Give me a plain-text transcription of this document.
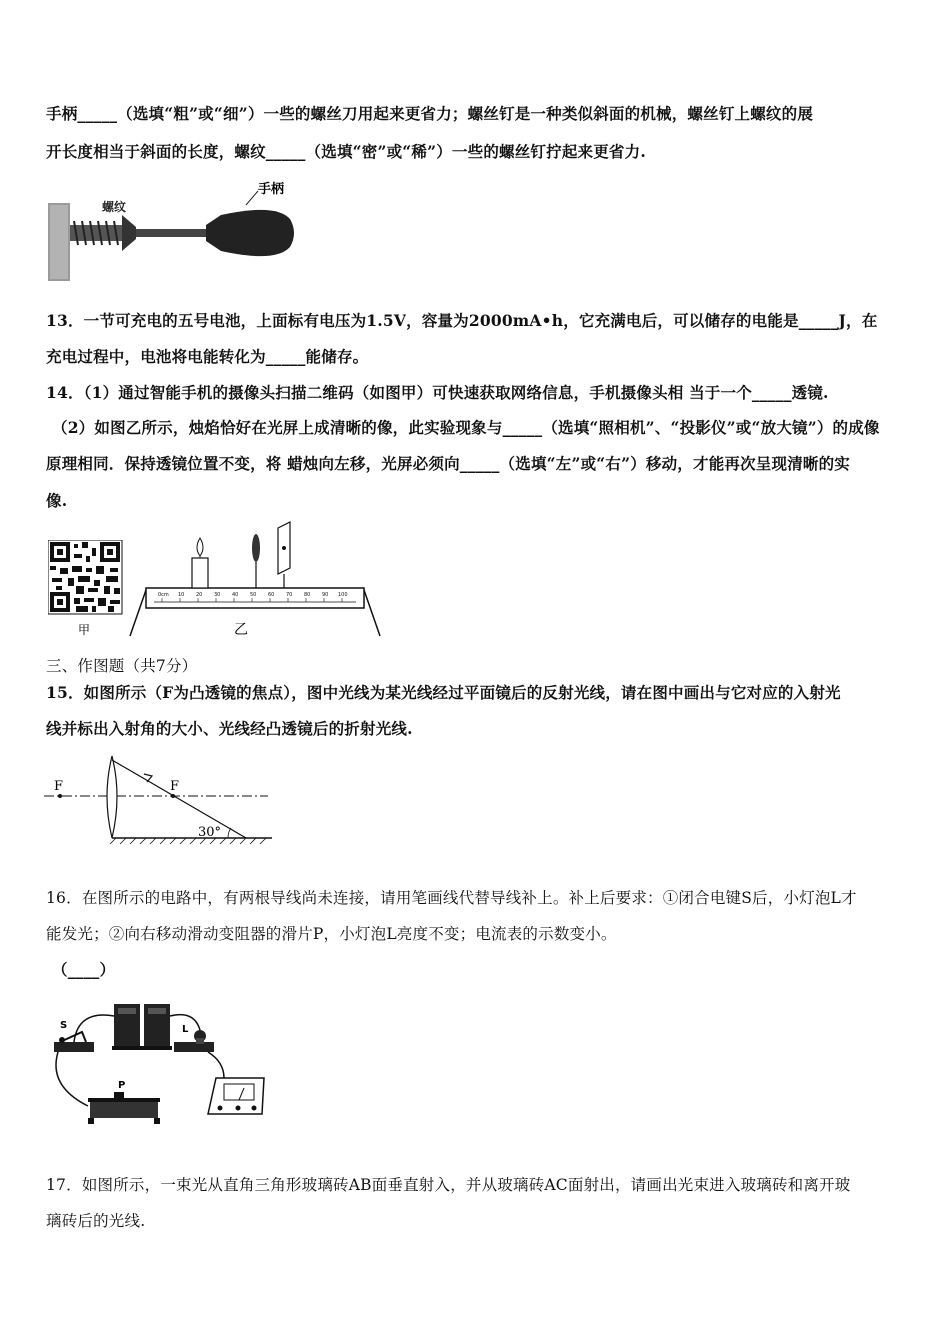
手柄_____（选填“粗”或“细”）一些的螺丝刀用起来更省力；螺丝钉是一种类似斜面的机械，螺丝钉上螺纹的展
开长度相当于斜面的长度，螺纹_____（选填“密”或“稀”）一些的螺丝钉拧起来更省力.
手柄
螺纹
13．一节可充电的五号电池，上面标有电压为1.5V，容量为2000mA•h，它充满电后，可以储存的电能是_____J，在
充电过程中，电池将电能转化为_____能储存。
14．（1）通过智能手机的摄像头扫描二维码（如图甲）可快速获取网络信息，手机摄像头相 当于一个_____透镜.
（2）如图乙所示，烛焰恰好在光屏上成清晰的像，此实验现象与_____（选填“照相机”、“投影仪”或“放大镜”）的成像
原理相同．保持透镜位置不变，将 蜡烛向左移，光屏必须向_____（选填“左”或“右”）移动，才能再次呈现清晰的实
像.
甲
0cm 10 20 30 40 50 60 70 80 90 100
乙
三、作图题（共7分）
15．如图所示（F为凸透镜的焦点），图中光线为某光线经过平面镜后的反射光线，请在图中画出与它对应的入射光
线并标出入射角的大小、光线经凸透镜后的折射光线.
F	F
30°
16．在图所示的电路中，有两根导线尚未连接，请用笔画线代替导线补上。补上后要求：①闭合电键S后，小灯泡L才
能发光；②向右移动滑动变阻器的滑片P，小灯泡L亮度不变；电流表的示数变小。
（____）
S	L
P
17．如图所示，一束光从直角三角形玻璃砖AB面垂直射入，并从玻璃砖AC面射出，请画出光束进入玻璃砖和离开玻
璃砖后的光线.
